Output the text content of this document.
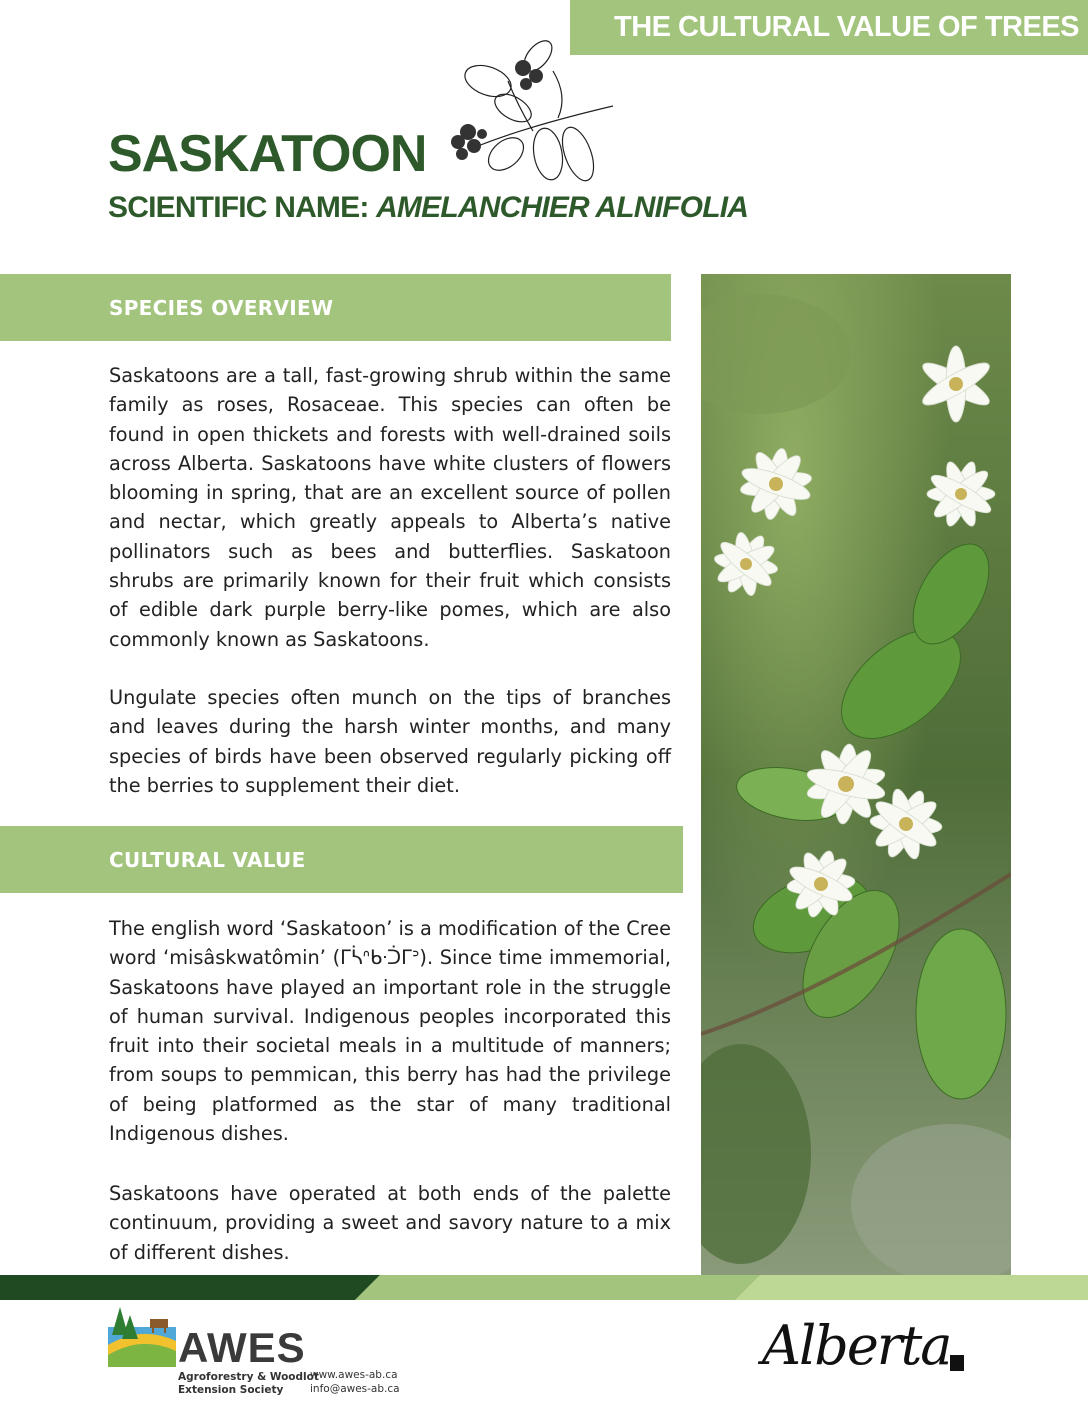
THE CULTURAL VALUE OF TREES
SASKATOON
SCIENTIFIC NAME: AMELANCHIER ALNIFOLIA
SPECIES OVERVIEW

Saskatoons are a tall, fast-growing shrub within the same family as roses, Rosaceae. This species can often be found in open thickets and forests with well-drained soils across Alberta. Saskatoons have white clusters of flowers blooming in spring, that are an excellent source of pollen and nectar, which greatly appeals to Alberta’s native pollinators such as bees and butterflies. Saskatoon shrubs are primarily known for their fruit which consists of edible dark purple berry-like pomes, which are also commonly known as Saskatoons.

Ungulate species often munch on the tips of branches and leaves during the harsh winter months, and many species of birds have been observed regularly picking off the berries to supplement their diet.

CULTURAL VALUE

The english word ‘Saskatoon’ is a modification of the Cree word ‘misâskwatômin’ (ᒥᓵᐢᑲᐧᑑᒥᐣ). Since time immemorial, Saskatoons have played an important role in the struggle of human survival. Indigenous peoples incorporated this fruit into their societal meals in a multitude of manners; from soups to pemmican, this berry has had the privilege of being platformed as the star of many traditional Indigenous dishes.

Saskatoons have operated at both ends of the palette continuum, providing a sweet and savory nature to a mix of different dishes.

AWES
Agroforestry & Woodlot
Extension Society
www.awes-ab.ca
info@awes-ab.ca
Alberta
